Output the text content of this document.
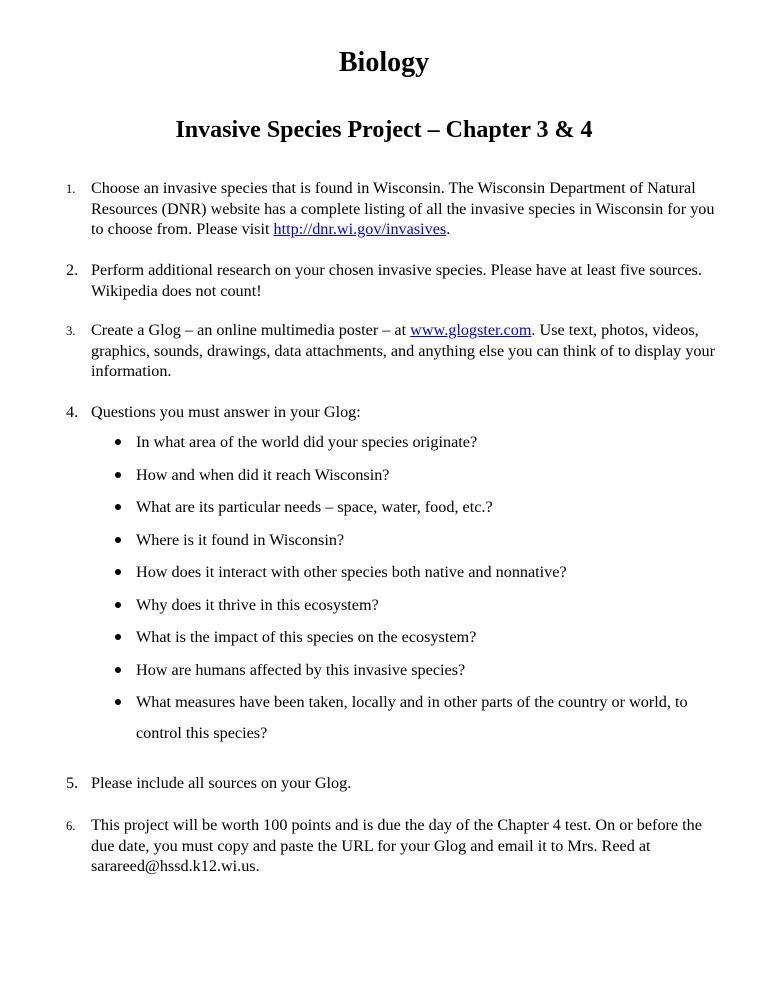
Biology
Invasive Species Project – Chapter 3 & 4
1. Choose an invasive species that is found in Wisconsin. The Wisconsin Department of Natural Resources (DNR) website has a complete listing of all the invasive species in Wisconsin for you to choose from. Please visit http://dnr.wi.gov/invasives.
2. Perform additional research on your chosen invasive species. Please have at least five sources. Wikipedia does not count!
3. Create a Glog – an online multimedia poster – at www.glogster.com. Use text, photos, videos, graphics, sounds, drawings, data attachments, and anything else you can think of to display your information.
4. Questions you must answer in your Glog:
In what area of the world did your species originate?
How and when did it reach Wisconsin?
What are its particular needs – space, water, food, etc.?
Where is it found in Wisconsin?
How does it interact with other species both native and nonnative?
Why does it thrive in this ecosystem?
What is the impact of this species on the ecosystem?
How are humans affected by this invasive species?
What measures have been taken, locally and in other parts of the country or world, to control this species?
5. Please include all sources on your Glog.
6. This project will be worth 100 points and is due the day of the Chapter 4 test. On or before the due date, you must copy and paste the URL for your Glog and email it to Mrs. Reed at sarareed@hssd.k12.wi.us.
